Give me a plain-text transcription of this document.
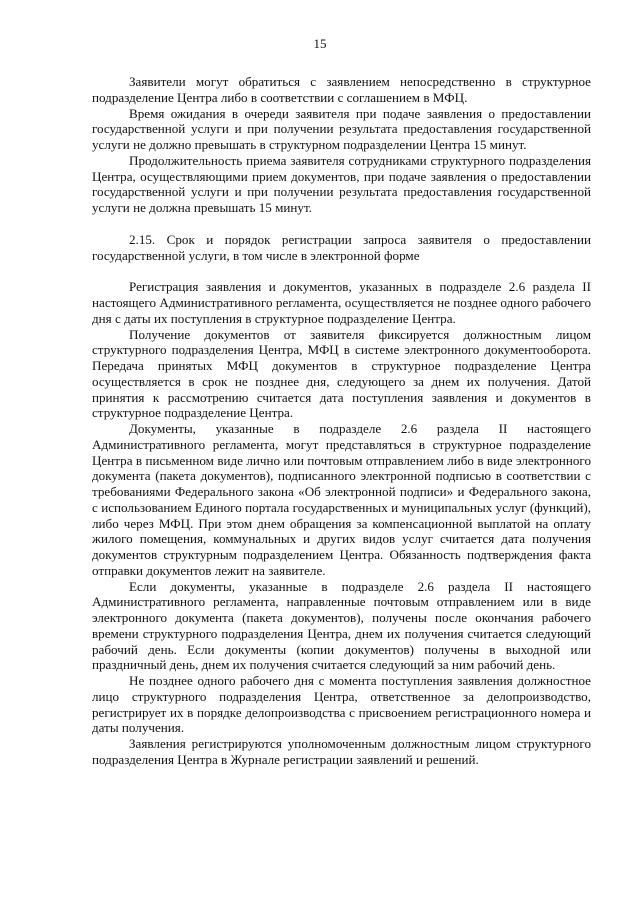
15

Заявители могут обратиться с заявлением непосредственно в структурное подразделение Центра либо в соответствии с соглашением в МФЦ.

Время ожидания в очереди заявителя при подаче заявления о предоставлении государственной услуги и при получении результата предоставления государственной услуги не должно превышать в структурном подразделении Центра 15 минут.

Продолжительность приема заявителя сотрудниками структурного подразделения Центра, осуществляющими прием документов, при подаче заявления о предоставлении государственной услуги и при получении результата предоставления государственной услуги не должна превышать 15 минут.

2.15. Срок и порядок регистрации запроса заявителя о предоставлении государственной услуги, в том числе в электронной форме

Регистрация заявления и документов, указанных в подразделе 2.6 раздела II настоящего Административного регламента, осуществляется не позднее одного рабочего дня с даты их поступления в структурное подразделение Центра.

Получение документов от заявителя фиксируется должностным лицом структурного подразделения Центра, МФЦ в системе электронного документооборота. Передача принятых МФЦ документов в структурное подразделение Центра осуществляется в срок не позднее дня, следующего за днем их получения. Датой принятия к рассмотрению считается дата поступления заявления и документов в структурное подразделение Центра.

Документы, указанные в подразделе 2.6 раздела II настоящего Административного регламента, могут представляться в структурное подразделение Центра в письменном виде лично или почтовым отправлением либо в виде электронного документа (пакета документов), подписанного электронной подписью в соответствии с требованиями Федерального закона «Об электронной подписи» и Федерального закона, с использованием Единого портала государственных и муниципальных услуг (функций), либо через МФЦ. При этом днем обращения за компенсационной выплатой на оплату жилого помещения, коммунальных и других видов услуг считается дата получения документов структурным подразделением Центра. Обязанность подтверждения факта отправки документов лежит на заявителе.

Если документы, указанные в подразделе 2.6 раздела II настоящего Административного регламента, направленные почтовым отправлением или в виде электронного документа (пакета документов), получены после окончания рабочего времени структурного подразделения Центра, днем их получения считается следующий рабочий день. Если документы (копии документов) получены в выходной или праздничный день, днем их получения считается следующий за ним рабочий день.

Не позднее одного рабочего дня с момента поступления заявления должностное лицо структурного подразделения Центра, ответственное за делопроизводство, регистрирует их в порядке делопроизводства с присвоением регистрационного номера и даты получения.

Заявления регистрируются уполномоченным должностным лицом структурного подразделения Центра в Журнале регистрации заявлений и решений.
